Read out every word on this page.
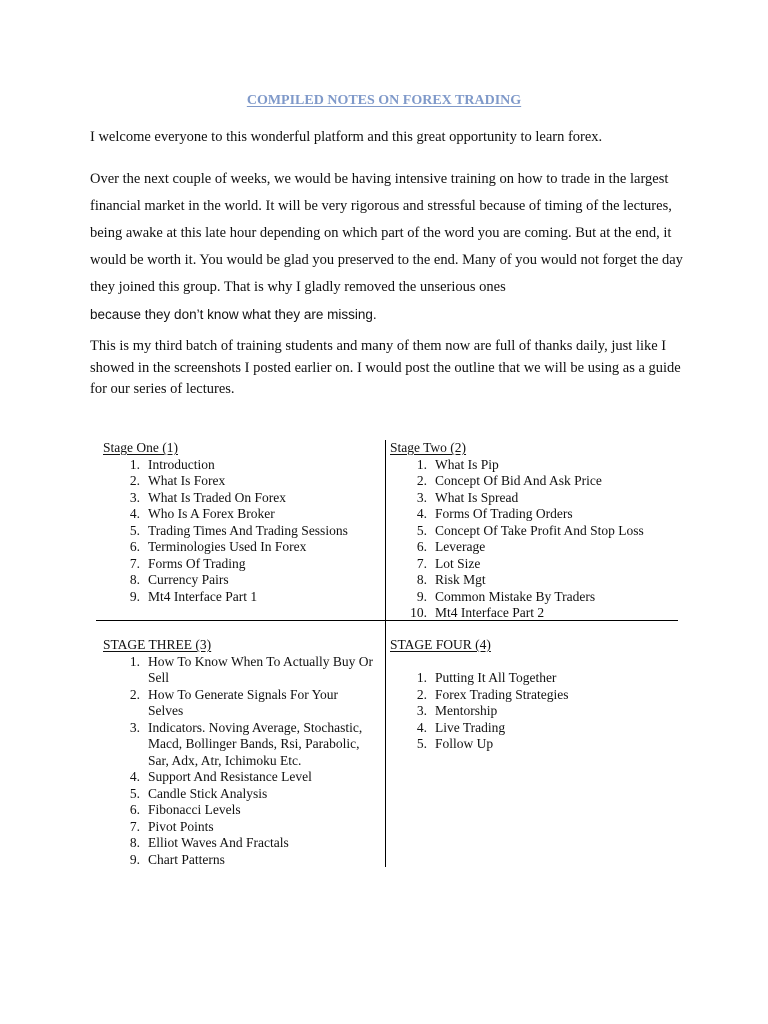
COMPILED NOTES ON FOREX TRADING

I welcome everyone to this wonderful platform and this great opportunity to learn forex.

Over the next couple of weeks, we would be having intensive training on how to trade in the largest financial market in the world. It will be very rigorous and stressful because of timing of the lectures, being awake at this late hour depending on which part of the word you are coming. But at the end, it would be worth it. You would be glad you preserved to the end. Many of you would not forget the day they joined this group. That is why I gladly removed the unserious ones
because they don’t know what they are missing.

This is my third batch of training students and many of them now are full of thanks daily, just like I showed in the screenshots I posted earlier on. I would post the outline that we will be using as a guide for our series of lectures.

Stage One (1)
1. Introduction
2. What Is Forex
3. What Is Traded On Forex
4. Who Is A Forex Broker
5. Trading Times And Trading Sessions
6. Terminologies Used In Forex
7. Forms Of Trading
8. Currency Pairs
9. Mt4 Interface Part 1
Stage Two (2)
1. What Is Pip
2. Concept Of Bid And Ask Price
3. What Is Spread
4. Forms Of Trading Orders
5. Concept Of Take Profit And Stop Loss
6. Leverage
7. Lot Size
8. Risk Mgt
9. Common Mistake By Traders
10. Mt4 Interface Part 2
STAGE THREE (3)
1. How To Know When To Actually Buy Or Sell
2. How To Generate Signals For Your Selves
3. Indicators. Noving Average, Stochastic, Macd, Bollinger Bands, Rsi, Parabolic, Sar, Adx, Atr, Ichimoku Etc.
4. Support And Resistance Level
5. Candle Stick Analysis
6. Fibonacci Levels
7. Pivot Points
8. Elliot Waves And Fractals
9. Chart Patterns
STAGE FOUR (4)
1. Putting It All Together
2. Forex Trading Strategies
3. Mentorship
4. Live Trading
5. Follow Up
